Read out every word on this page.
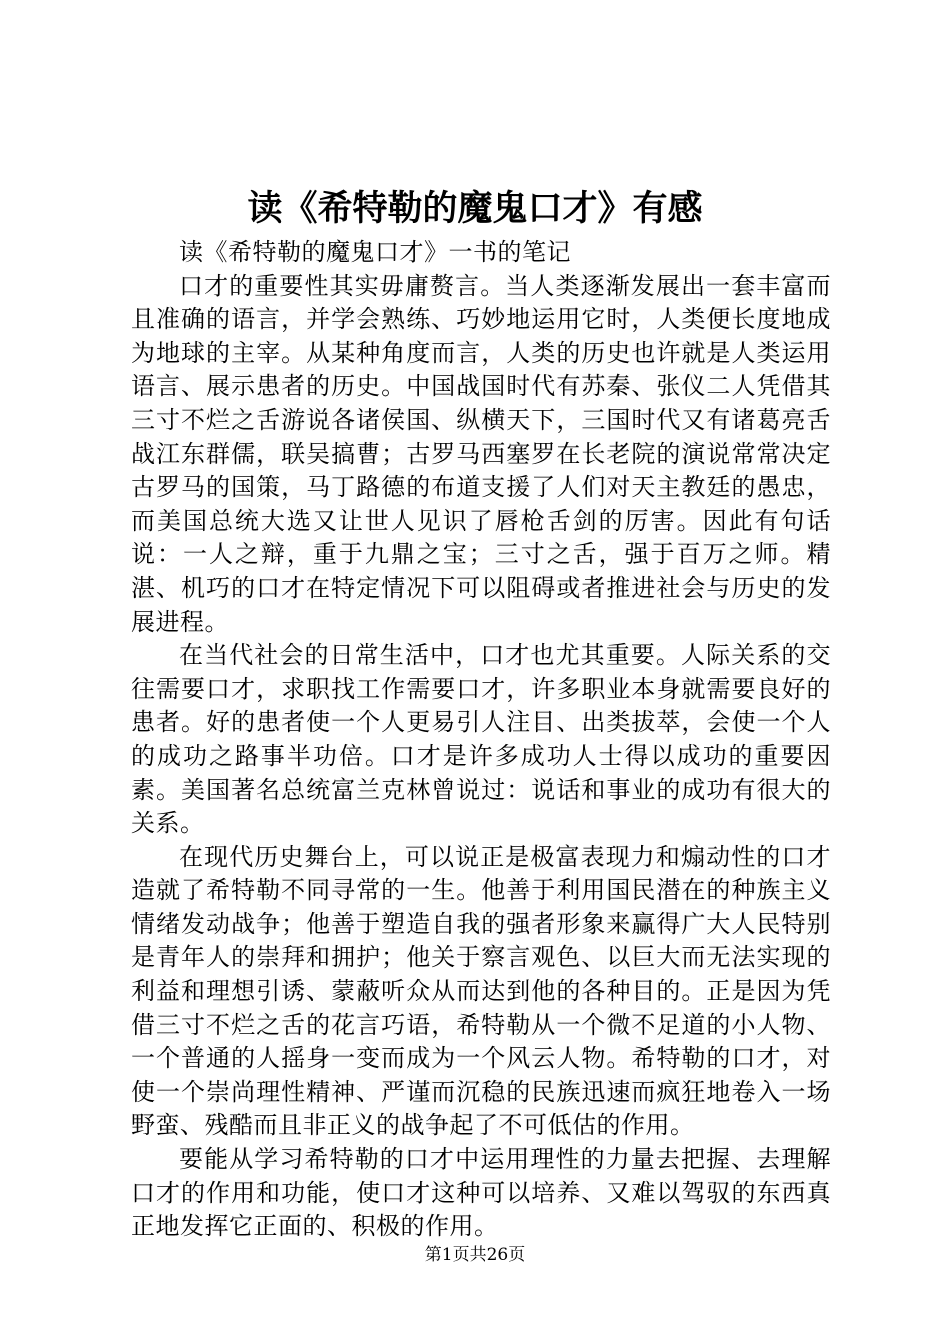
读《希特勒的魔鬼口才》有感

读《希特勒的魔鬼口才》一书的笔记

口才的重要性其实毋庸赘言。当人类逐渐发展出一套丰富而且准确的语言，并学会熟练、巧妙地运用它时，人类便长度地成为地球的主宰。从某种角度而言，人类的历史也许就是人类运用语言、展示患者的历史。中国战国时代有苏秦、张仪二人凭借其三寸不烂之舌游说各诸侯国、纵横天下，三国时代又有诸葛亮舌战江东群儒，联吴搞曹；古罗马西塞罗在长老院的演说常常决定古罗马的国策，马丁路德的布道支援了人们对天主教廷的愚忠，而美国总统大选又让世人见识了唇枪舌剑的厉害。因此有句话说：一人之辩，重于九鼎之宝；三寸之舌，强于百万之师。精湛、机巧的口才在特定情况下可以阻碍或者推进社会与历史的发展进程。

在当代社会的日常生活中，口才也尤其重要。人际关系的交往需要口才，求职找工作需要口才，许多职业本身就需要良好的患者。好的患者使一个人更易引人注目、出类拔萃，会使一个人的成功之路事半功倍。口才是许多成功人士得以成功的重要因素。美国著名总统富兰克林曾说过：说话和事业的成功有很大的关系。

在现代历史舞台上，可以说正是极富表现力和煽动性的口才造就了希特勒不同寻常的一生。他善于利用国民潜在的种族主义情绪发动战争；他善于塑造自我的强者形象来赢得广大人民特别是青年人的崇拜和拥护；他关于察言观色、以巨大而无法实现的利益和理想引诱、蒙蔽听众从而达到他的各种目的。正是因为凭借三寸不烂之舌的花言巧语，希特勒从一个微不足道的小人物、一个普通的人摇身一变而成为一个风云人物。希特勒的口才，对使一个崇尚理性精神、严谨而沉稳的民族迅速而疯狂地卷入一场野蛮、残酷而且非正义的战争起了不可低估的作用。

要能从学习希特勒的口才中运用理性的力量去把握、去理解口才的作用和功能，使口才这种可以培养、又难以驾驭的东西真正地发挥它正面的、积极的作用。

第1页共26页
